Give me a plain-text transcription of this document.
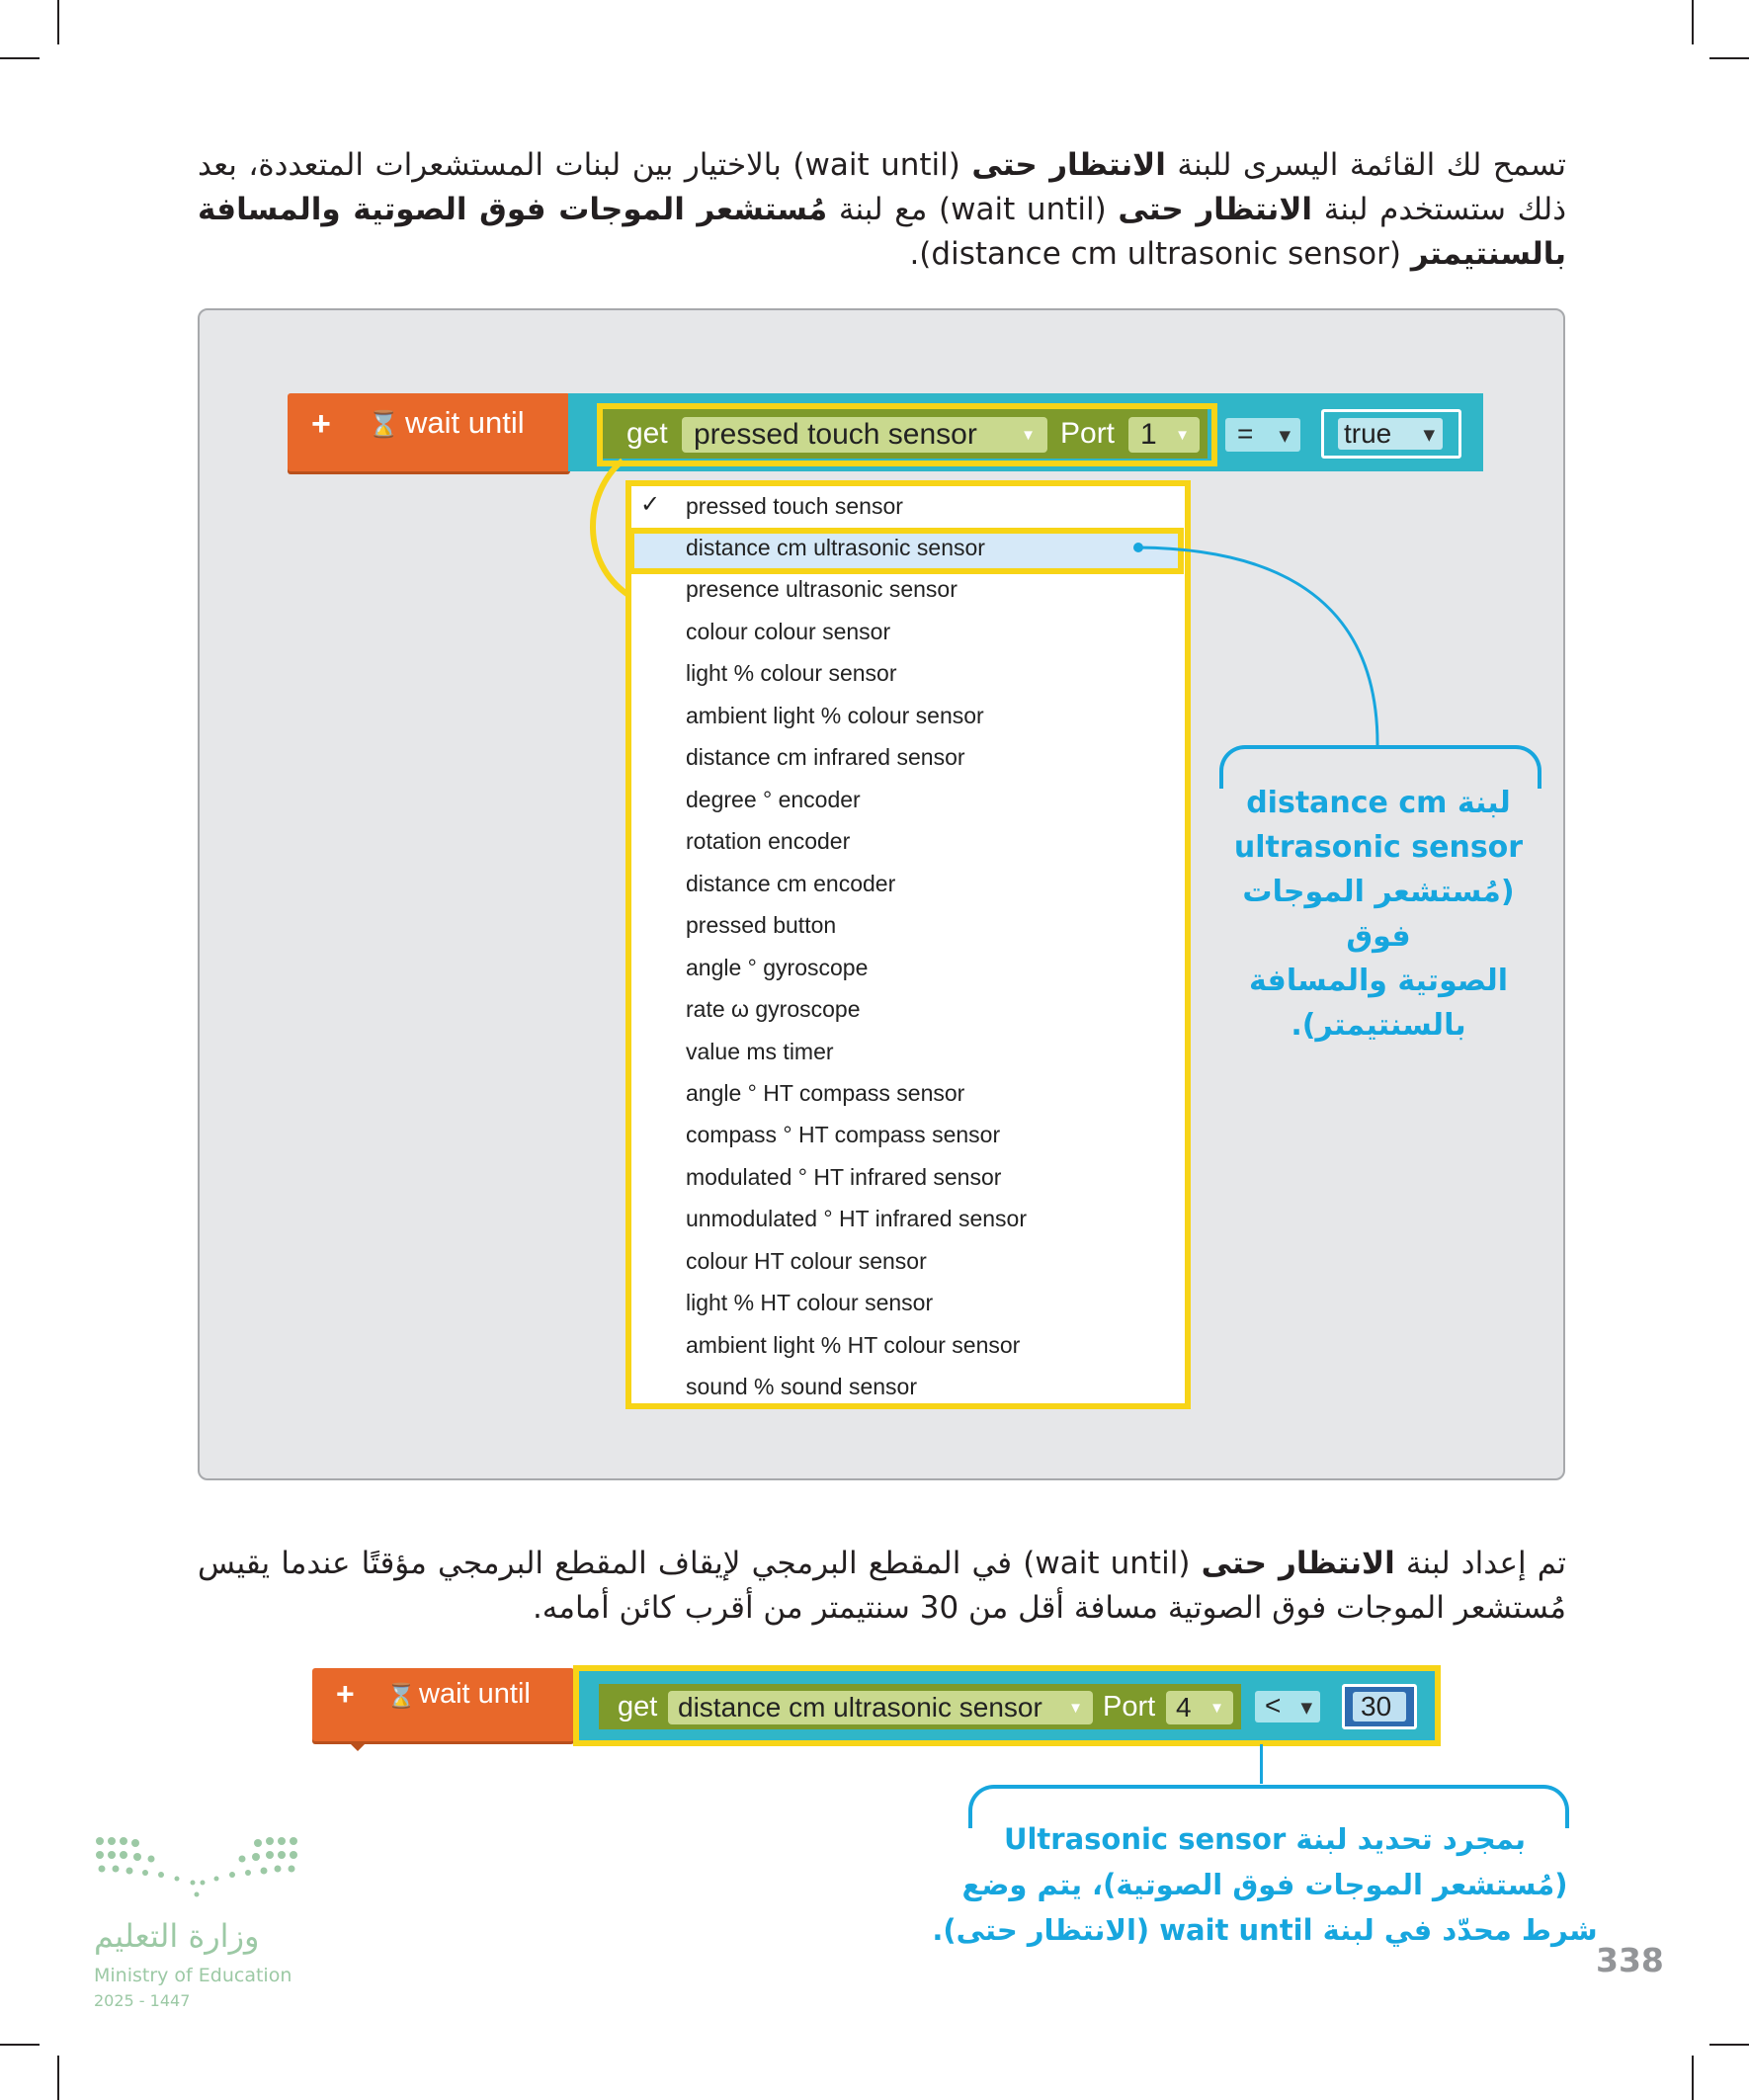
تسمح لك القائمة اليسرى للبنة الانتظار حتى (wait until) بالاختيار بين لبنات المستشعرات المتعددة، بعد ذلك ستستخدم لبنة الانتظار حتى (wait until) مع لبنة مُستشعر الموجات فوق الصوتية والمسافة بالسنتيمتر (distance cm ultrasonic sensor).
+ ⌛ wait until	get pressed touch sensor	▼ Port 1 ▼ = ▼ true ▼
✓ pressed touch sensor
distance cm ultrasonic sensor
presence ultrasonic sensor
colour colour sensor
light % colour sensor
ambient light % colour sensor
distance cm infrared sensor
degree ° encoder
rotation encoder
distance cm encoder
pressed button
angle ° gyroscope
rate ω gyroscope
value ms timer
angle ° HT compass sensor
compass ° HT compass sensor
modulated ° HT infrared sensor
unmodulated ° HT infrared sensor
colour HT colour sensor
light % HT colour sensor
ambient light % HT colour sensor
sound % sound sensor
لبنة distance cm
ultrasonic sensor
(مُستشعر الموجات فوق
الصوتية والمسافة
بالسنتيمتر).
تم إعداد لبنة الانتظار حتى (wait until) في المقطع البرمجي لإيقاف المقطع البرمجي مؤقتًا عندما يقيس مُستشعر الموجات فوق الصوتية مسافة أقل من 30 سنتيمتر من أقرب كائن أمامه.
+ ⌛ wait until	get distance cm ultrasonic sensor ▼ Port 4 ▼ < ▼ 30
بمجرد تحديد لبنة Ultrasonic sensor
(مُستشعر الموجات فوق الصوتية)، يتم وضع
شرط محدّد في لبنة wait until (الانتظار حتى).
وزارة التعليم
Ministry of Education
2025 - 1447
338
